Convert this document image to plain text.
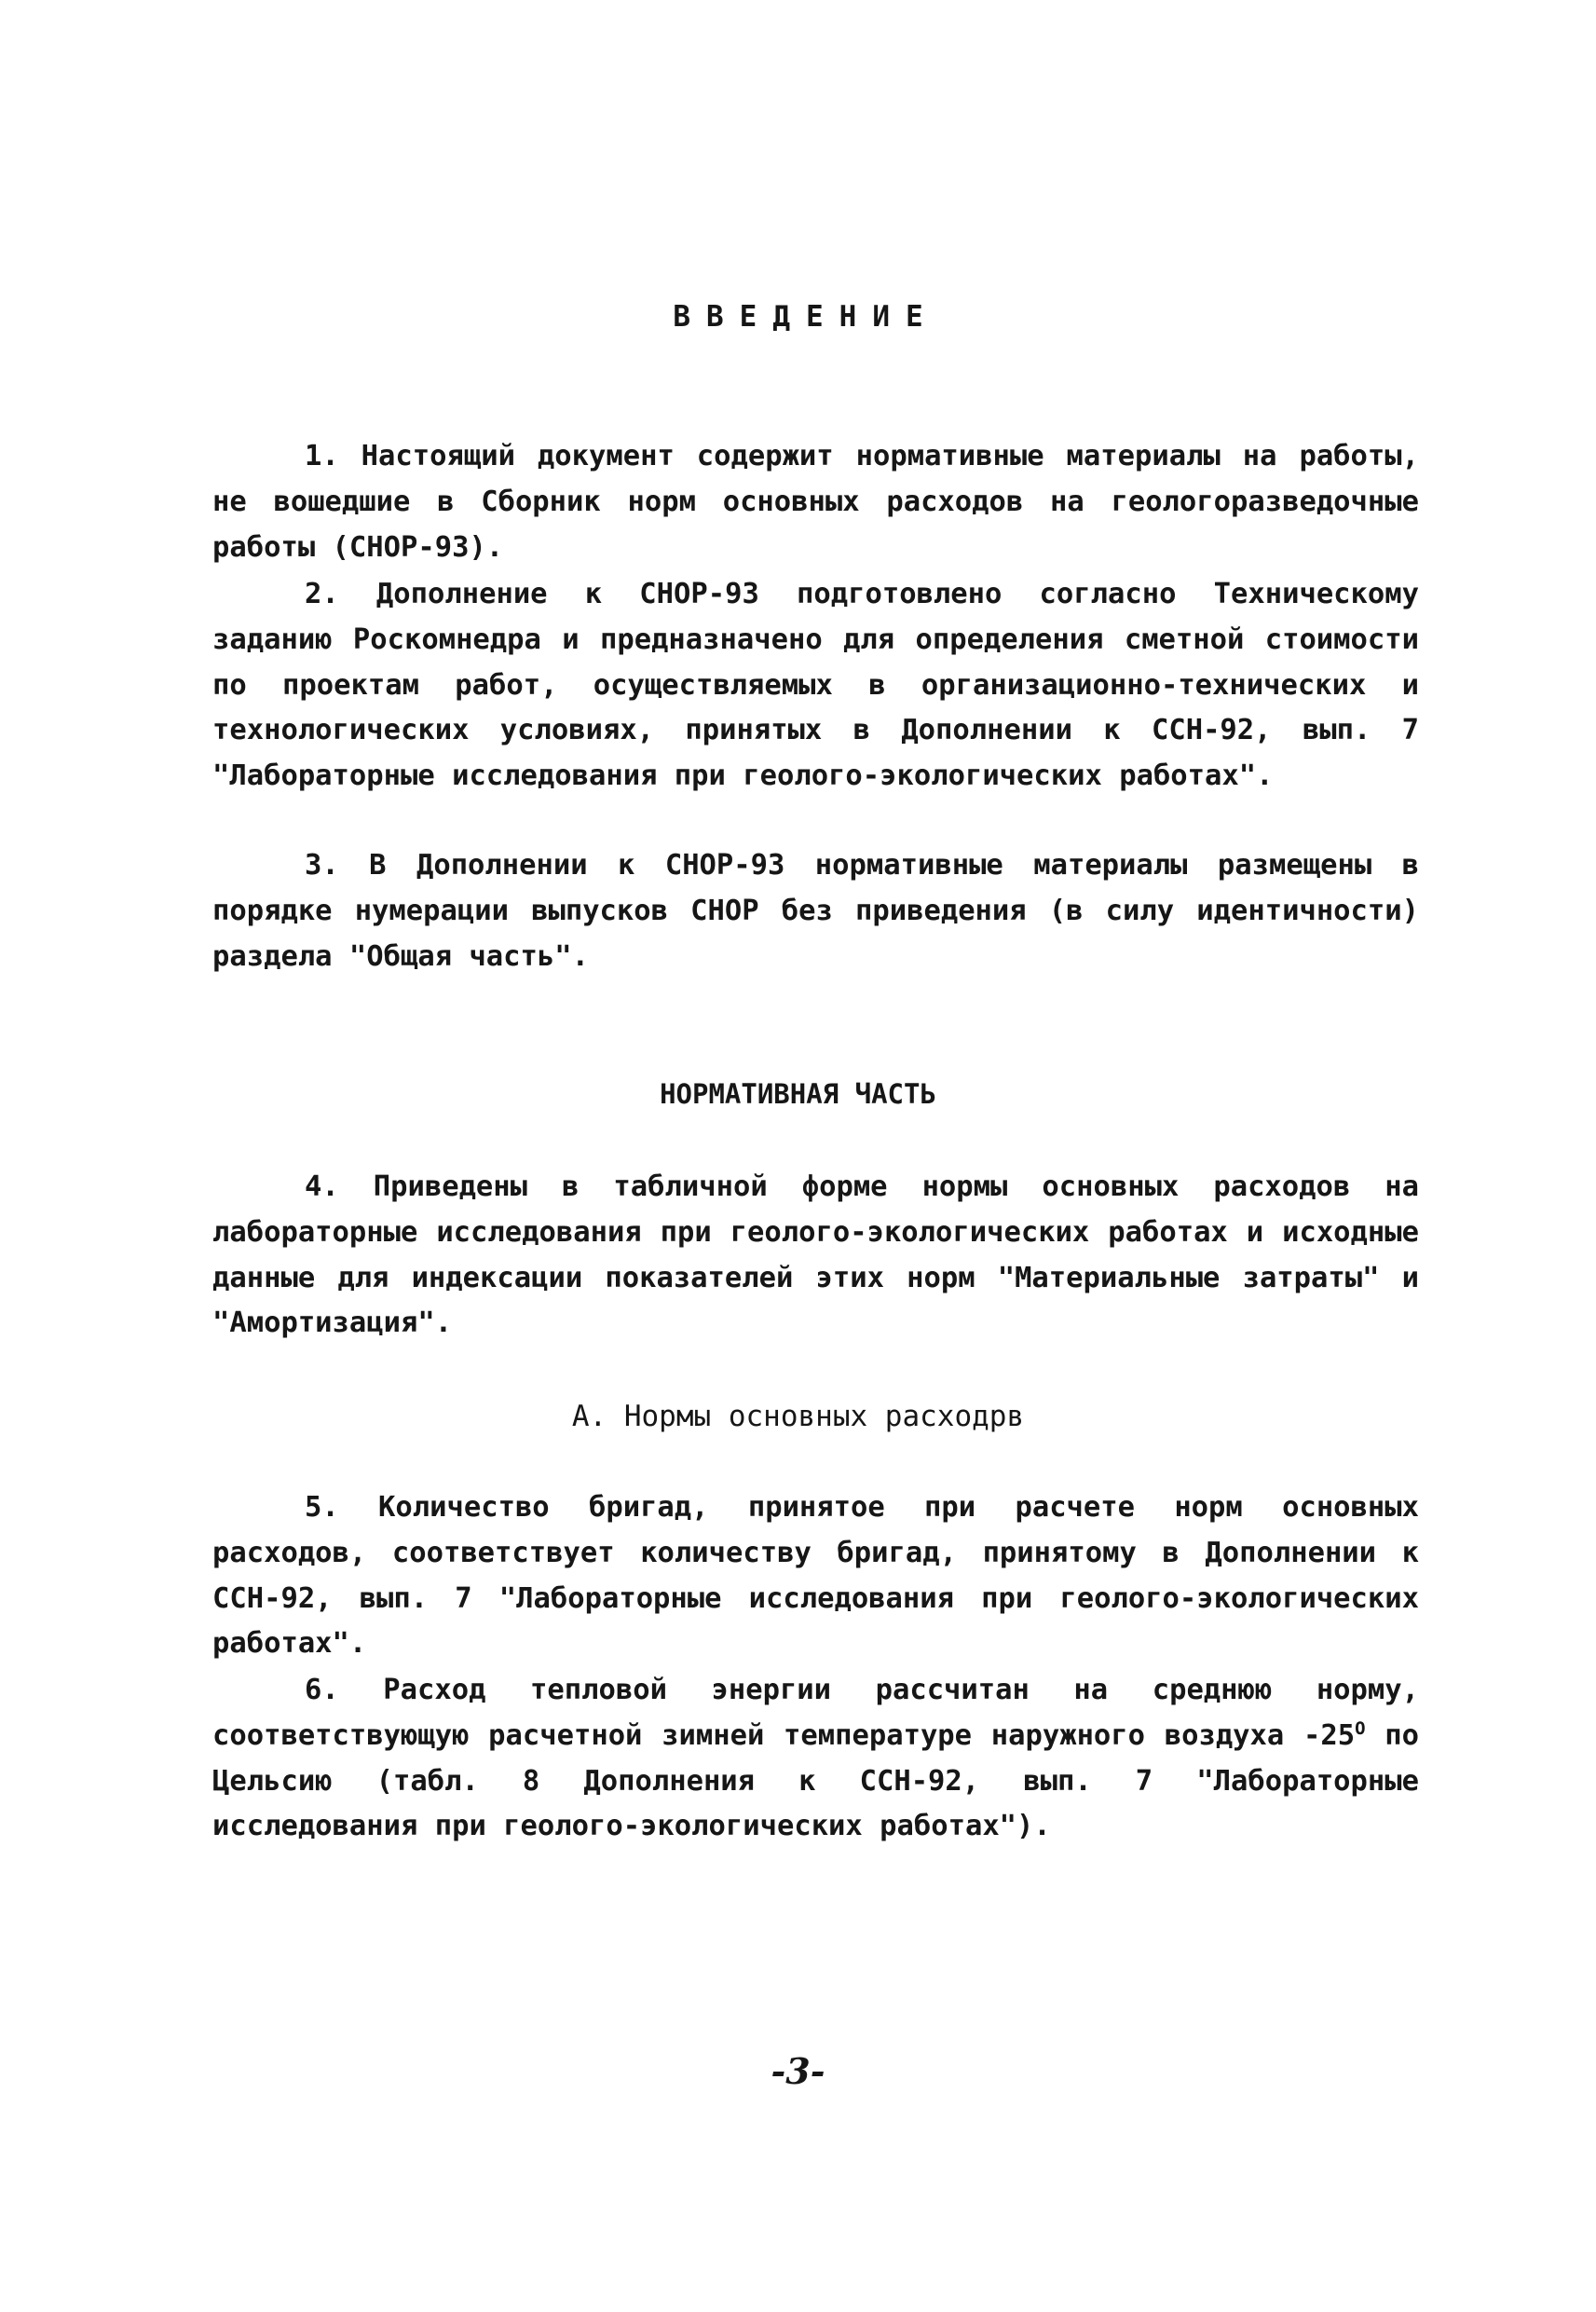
ВВЕДЕНИЕ

1. Настоящий документ содержит нормативные материалы на работы, не вошедшие в Сборник норм основных расходов на геологоразведочные работы (СНОР-93).

2. Дополнение к СНОР-93 подготовлено согласно Техническому заданию Роскомнедра и предназначено для определения сметной стоимости по проектам работ, осуществляемых в организационно-технических и технологических условиях, принятых в Дополнении к ССН-92, вып. 7 "Лабораторные исследования при геолого-экологических работах".

3. В Дополнении к СНОР-93 нормативные материалы размещены в порядке нумерации выпусков СНОР без приведения (в силу идентичности) раздела "Общая часть".

НОРМАТИВНАЯ ЧАСТЬ

4. Приведены в табличной форме нормы основных расходов на лабораторные исследования при геолого-экологических работах и исходные данные для индексации показателей этих норм "Материальные затраты" и "Амортизация".

А. Нормы основных расходрв

5. Количество бригад, принятое при расчете норм основных расходов, соответствует количеству бригад, принятому в Дополнении к ССН-92, вып. 7 "Лабораторные исследования при геолого-экологических работах".

6. Расход тепловой энергии рассчитан на среднюю норму, соответствующую расчетной зимней температуре наружного воздуха $-25^О$ по Цельсию (табл. 8 Дополнения к ССН-92, вып. 7 "Лабораторные исследования при геолого-экологических работах").

-3-
